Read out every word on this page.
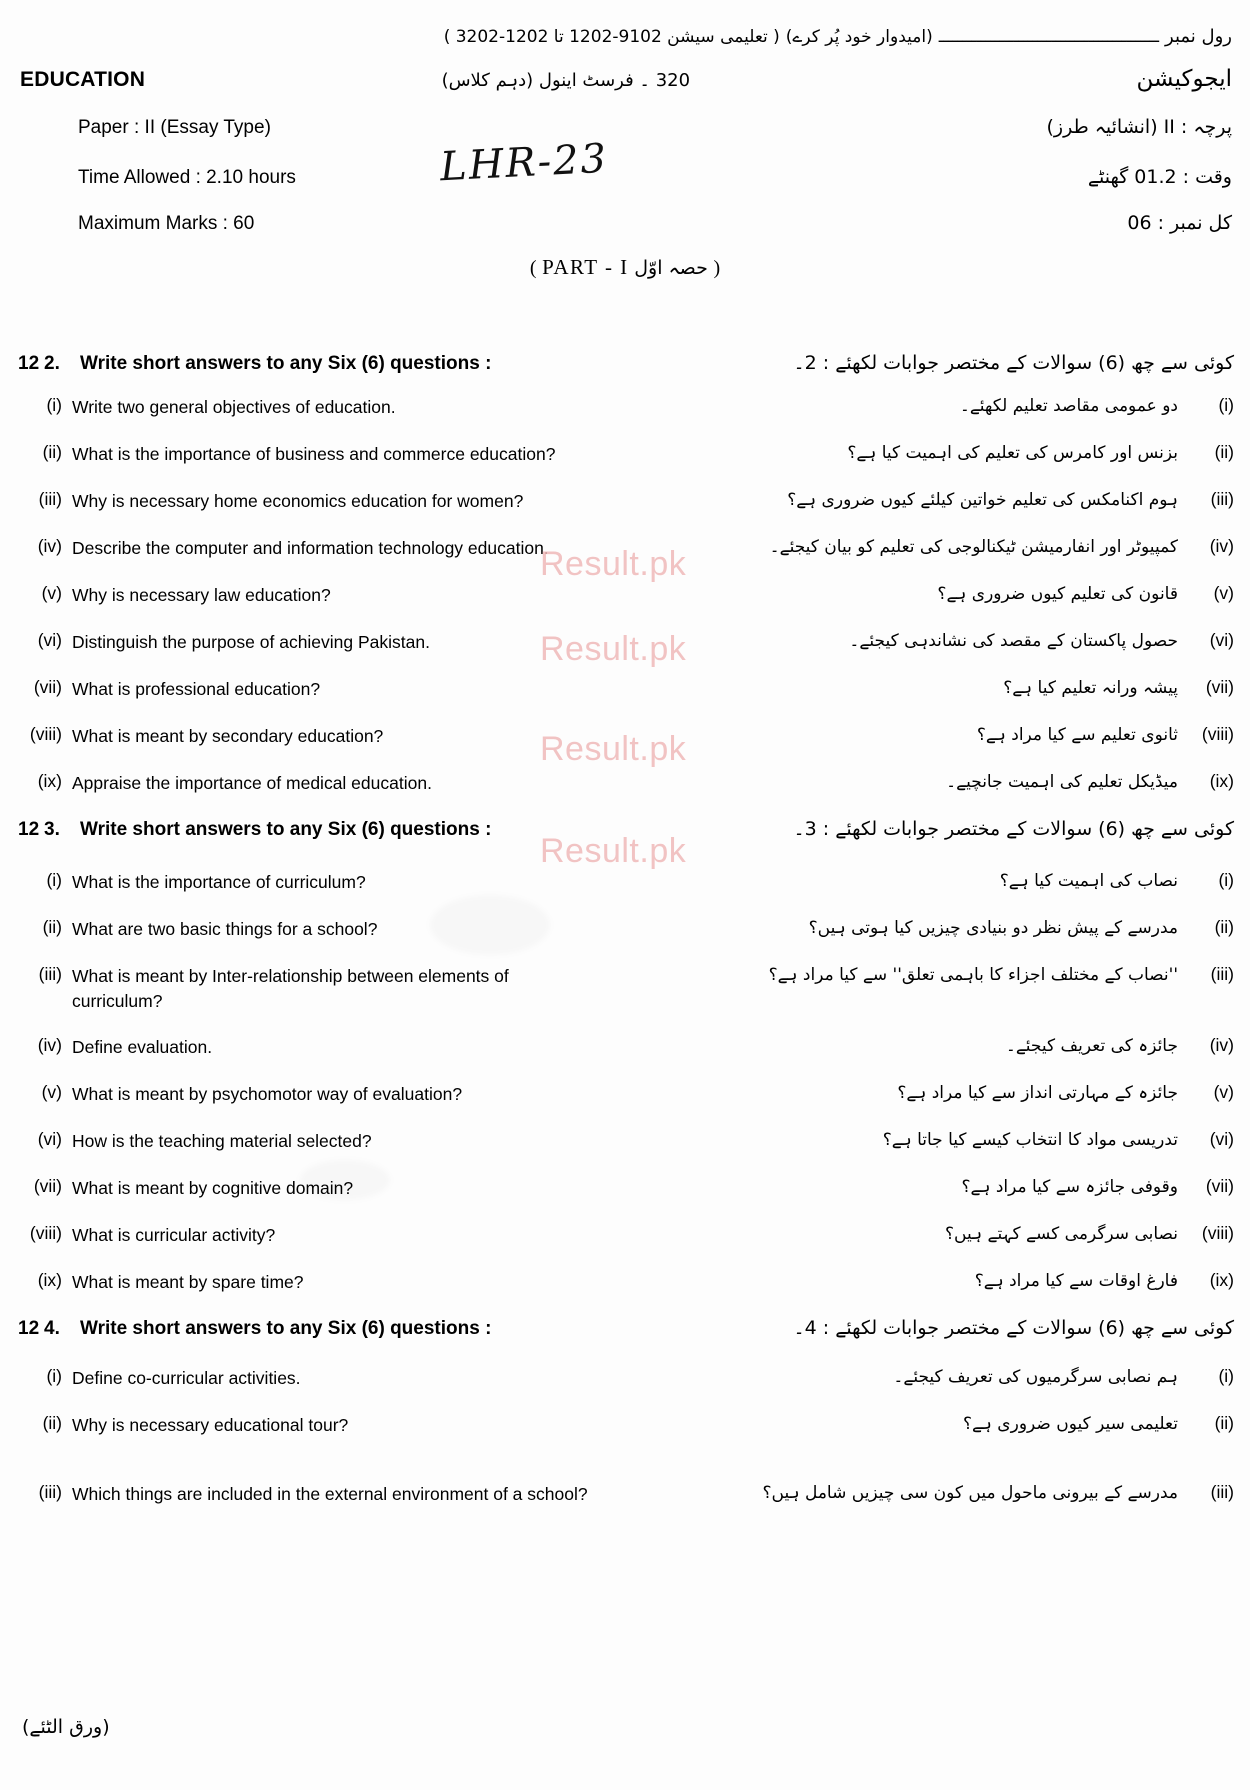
( تعلیمی سیشن 2019-2021 تا 2021-2023 ) (امیدوار خود پُر کرے) ـــــــــــــــــــــــــــــــــــــــــــــــ رول نمبر
EDUCATION	023 ۔ فرسٹ اینول (دہم کلاس)	ایجوکیشن
Paper : II (Essay Type)	پرچہ : II (انشائیہ طرز)
Time Allowed : 2.10 hours	وقت : 2.10 گھنٹے
Maximum Marks : 60	کل نمبر : 60
LHR-23
( PART - I حصہ اوّل )
12 2.	Write short answers to any Six (6) questions :	کوئی سے چھ (6) سوالات کے مختصر جوابات لکھئے : 2۔
(i) Write two general objectives of education.	دو عمومی مقاصد تعلیم لکھئے۔	(i)
(ii) What is the importance of business and commerce education?	بزنس اور کامرس کی تعلیم کی اہمیت کیا ہے؟	(ii)
(iii) Why is necessary home economics education for women?	ہوم اکنامکس کی تعلیم خواتین کیلئے کیوں ضروری ہے؟	(iii)
(iv) Describe the computer and information technology education.	کمپیوٹر اور انفارمیشن ٹیکنالوجی کی تعلیم کو بیان کیجئے۔	(iv)
(v) Why is necessary law education?	قانون کی تعلیم کیوں ضروری ہے؟	(v)
(vi) Distinguish the purpose of achieving Pakistan.	حصول پاکستان کے مقصد کی نشاندہی کیجئے۔	(vi)
(vii) What is professional education?	پیشہ ورانہ تعلیم کیا ہے؟	(vii)
(viii) What is meant by secondary education?	ثانوی تعلیم سے کیا مراد ہے؟	(viii)
(ix) Appraise the importance of medical education.	میڈیکل تعلیم کی اہمیت جانچیے۔	(ix)
12 3.	Write short answers to any Six (6) questions :	کوئی سے چھ (6) سوالات کے مختصر جوابات لکھئے : 3۔
(i) What is the importance of curriculum?	نصاب کی اہمیت کیا ہے؟	(i)
(ii) What are two basic things for a school?	مدرسے کے پیش نظر دو بنیادی چیزیں کیا ہوتی ہیں؟	(ii)
(iii) What is meant by Inter-relationship between elements of curriculum?
''نصاب کے مختلف اجزاء کا باہمی تعلق'' سے کیا مراد ہے؟	(iii)
(iv) Define evaluation.	جائزہ کی تعریف کیجئے۔	(iv)
(v) What is meant by psychomotor way of evaluation?	جائزہ کے مہارتی انداز سے کیا مراد ہے؟	(v)
(vi) How is the teaching material selected?	تدریسی مواد کا انتخاب کیسے کیا جاتا ہے؟	(vi)
(vii) What is meant by cognitive domain?	وقوفی جائزہ سے کیا مراد ہے؟	(vii)
(viii) What is curricular activity?	نصابی سرگرمی کسے کہتے ہیں؟	(viii)
(ix) What is meant by spare time?	فارغ اوقات سے کیا مراد ہے؟	(ix)
12 4.	Write short answers to any Six (6) questions :	کوئی سے چھ (6) سوالات کے مختصر جوابات لکھئے : 4۔
(i) Define co-curricular activities.	ہم نصابی سرگرمیوں کی تعریف کیجئے۔	(i)
(ii) Why is necessary educational tour?	تعلیمی سیر کیوں ضروری ہے؟	(ii)
(iii) Which things are included in the external environment of a school?	مدرسے کے بیرونی ماحول میں کون سی چیزیں شامل ہیں؟	(iii)
(ورق الٹئے)
Result.pk
Result.pk
Result.pk
Result.pk
